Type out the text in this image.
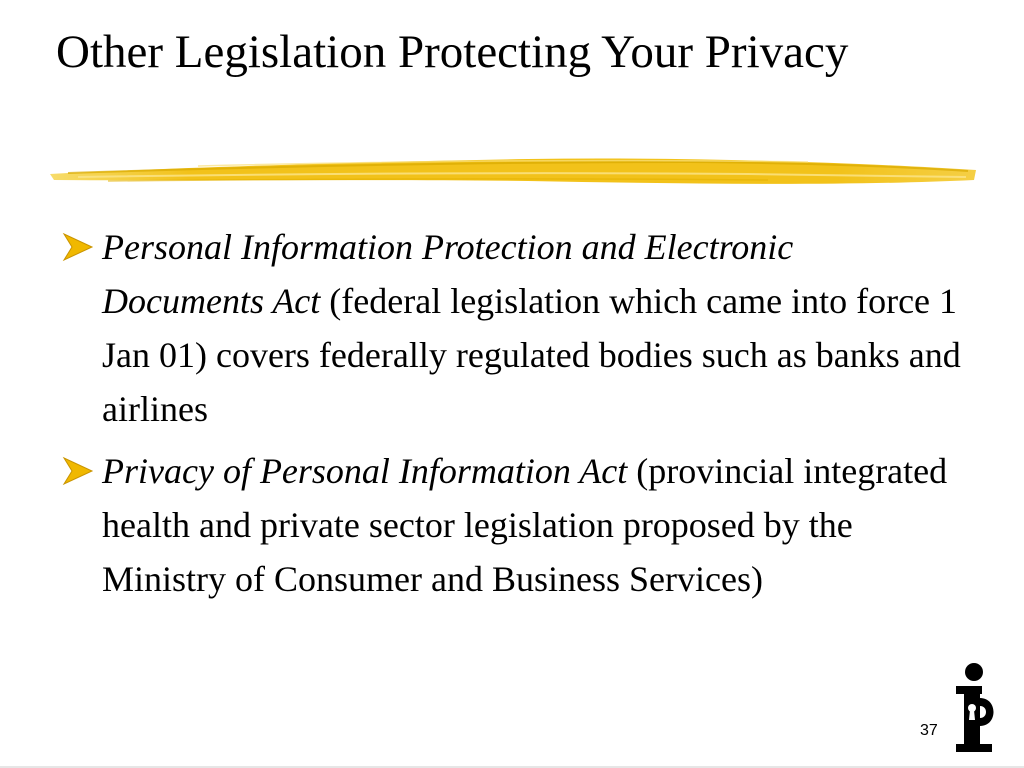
Other Legislation Protecting Your Privacy
Personal Information Protection and Electronic Documents Act (federal legislation which came into force 1 Jan 01) covers federally regulated bodies such as banks and airlines
Privacy of Personal Information Act (provincial integrated health and private sector legislation proposed by the Ministry of Consumer and Business Services)
37
